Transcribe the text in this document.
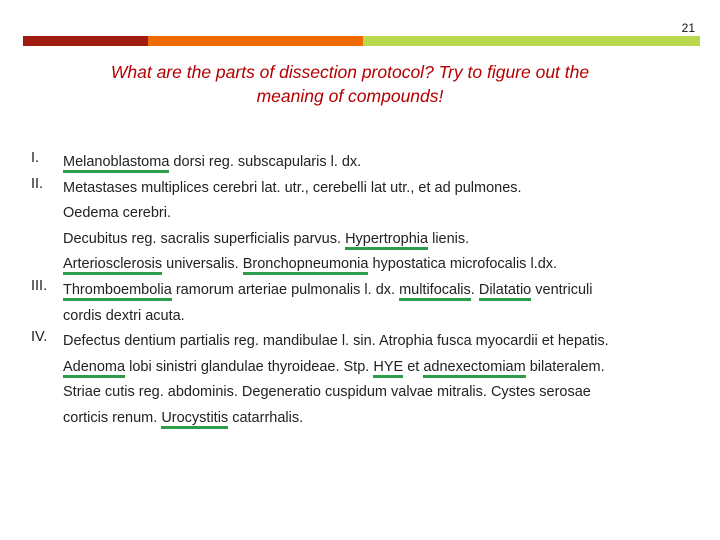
21
What are the parts of dissection protocol? Try to figure out the
meaning of compounds!
I.	Melanoblastoma dorsi reg. subscapularis l. dx.
II.	Metastases multiplices cerebri lat. utr., cerebelli lat utr., et ad pulmones.
Oedema cerebri.
Decubitus reg. sacralis superficialis parvus. Hypertrophia lienis.
Arteriosclerosis universalis. Bronchopneumonia hypostatica microfocalis l.dx.
III.	Thromboembolia ramorum arteriae pulmonalis l. dx. multifocalis. Dilatatio ventriculi
cordis dextri acuta.
IV.	Defectus dentium partialis reg. mandibulae l. sin. Atrophia fusca myocardii et hepatis.
Adenoma lobi sinistri glandulae thyroideae. Stp. HYE et adnexectomiam bilateralem.
Striae cutis reg. abdominis. Degeneratio cuspidum valvae mitralis. Cystes serosae
corticis renum. Urocystitis catarrhalis.
